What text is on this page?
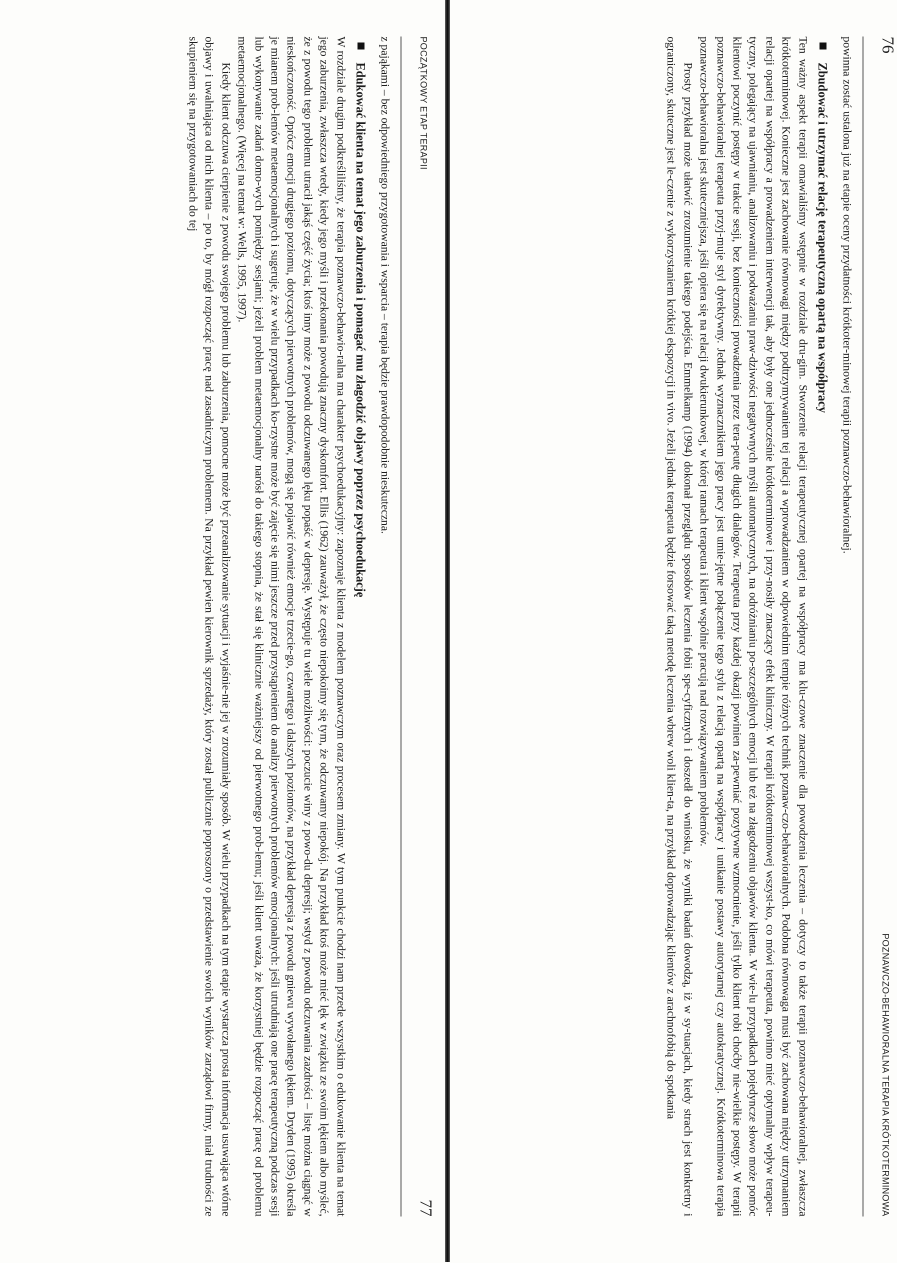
76
POZNAWCZO-BEHAWIORALNA TERAPIA KRÓTKOTERMINOWA

powinna zostać ustalona już na etapie oceny przydatności krótkoter-minowej terapii poznawczo-behawioralnej.

Zbudować i utrzymać relację terapeutyczną opartą na współpracy

Ten ważny aspekt terapii omawialiśmy wstępnie w rozdziale dru-gim. Stworzenie relacji terapeutycznej opartej na współpracy ma klu-czowe znaczenie dla powodzenia leczenia – dotyczy to także terapii poznawczo-behawioralnej, zwłaszcza krótkoterminowej. Konieczne jest zachowanie równowagi między podtrzymywaniem tej relacji a wprowadzaniem w odpowiednim tempie różnych technik poznaw-czo-behawioralnych. Podobna równowaga musi być zachowana między utrzymaniem relacji opartej na współpracy a prowadzeniem interwencji tak, aby były one jednocześnie krótkoterminowe i przy-nosiły znaczący efekt kliniczny. W terapii krótkoterminowej wszyst-ko, co mówi terapeuta, powinno mieć optymalny wpływ terapeu-tyczny, polegający na ujawnianiu, analizowaniu i podważaniu praw-dziwości negatywnych myśli automatycznych, na odróżnianiu po-szczególnych emocji lub też na złagodzeniu objawów klienta. W wie-lu przypadkach pojedyncze słowo może pomóc klientowi poczynić postępy w trakcie sesji, bez konieczności prowadzenia przez tera-peutę długich dialogów. Terapeuta przy każdej okazji powinien za-pewniać pozytywne wzmocnienie, jeśli tylko klient robi choćby nie-wielkie postępy. W terapii poznawczo-behawioralnej terapeuta przyj-muje styl dyrektywny. Jednak wyznacznikiem jego pracy jest umie-jętne połączenie tego stylu z relacją opartą na współpracy i unikanie postawy autorytarnej czy autokratycznej. Krótkoterminowa terapia poznawczo-behawioralna jest skuteczniejsza, jeśli opiera się na relacji dwukierunkowej, w której ramach terapeuta i klient wspólnie pracują nad rozwiązywaniem problemów.

Prosty przykład może ułatwić zrozumienie takiego podejścia. Emmelkamp (1994) dokonał przeglądu sposobów leczenia fobii spe-cyficznych i doszedł do wniosku, że wyniki badań dowodzą, iż w sy-tuacjach, kiedy strach jest konkretny i ograniczony, skuteczne jest le-czenie z wykorzystaniem krótkiej ekspozycji in vivo. Jeżeli jednak terapeuta będzie forsować taką metodę leczenia wbrew woli klien-ta, na przykład doprowadzając klientów z arachnofobią do spotkania

POCZĄTKOWY ETAP TERAPII
77

z pająkami – bez odpowiedniego przygotowania i wsparcia – terapia będzie prawdopodobnie nieskuteczna.

Edukować klienta na temat jego zaburzenia i pomagać mu złagodzić objawy poprzez psychoedukację

W rozdziale drugim podkreśliliśmy, że terapia poznawczo-behawio-ralna ma charakter psychoedukacyjny: zapoznaje klienta z modelem poznawczym oraz procesem zmiany. W tym punkcie chodzi nam przede wszystkim o edukowanie klienta na temat jego zaburzenia, zwłaszcza wtedy, kiedy jego myśli i przekonania powodują znaczny dyskomfort. Ellis (1962) zauważył, że często niepokoimy się tym, że odczuwamy niepokój. Na przykład ktoś może mieć lęk w związku ze swoim lękiem albo myśleć, że z powodu tego problemu utracił jakąś część życia; ktoś inny może z powodu odczuwanego lęku popaść w depresję. Występuje tu wiele możliwości: poczucie winy z powo-du depresji; wstyd z powodu odczuwania zazdrości – listę można ciągnąć w nieskończoność. Oprócz emocji drugiego poziomu, dotyczących pierwotnych problemów, mogą się pojawić również emocje trzecie-go, czwartego i dalszych poziomów, na przykład depresja z powodu gniewu wywołanego lękiem. Dryden (1995) określa je mianem prob-lemów metaemocjonalnych i sugeruje, że w wielu przypadkach ko-rzystne może być zajęcie się nimi jeszcze przed przystąpieniem do analizy pierwotnych problemów emocjonalnych: jeśli utrudniają one pracę terapeutyczną podczas sesji lub wykonywanie zadań domo-wych pomiędzy sesjami; jeżeli problem metaemocjonalny narósł do takiego stopnia, że stał się klinicznie ważniejszy od pierwotnego prob-lemu; jeśli klient uważa, że korzystniej będzie rozpocząć pracę od problemu metaemocjonalnego. (Więcej na temat w: Wells, 1995, 1997).

Kiedy klient odczuwa cierpienie z powodu swojego problemu lub zaburzenia, pomocne może być przeanalizowanie sytuacji i wyjaśnie-nie jej w zrozumiały sposób. W wielu przypadkach na tym etapie wystarcza prosta informacja usuwająca wtórne objawy i uwalniająca od nich klienta – po to, by mógł rozpocząć pracę nad zasadniczym problemem. Na przykład pewien kierownik sprzedaży, który został publicznie poproszony o przedstawienie swoich wyników zarządowi firmy, miał trudności ze skupieniem się na przygotowaniach do tej
